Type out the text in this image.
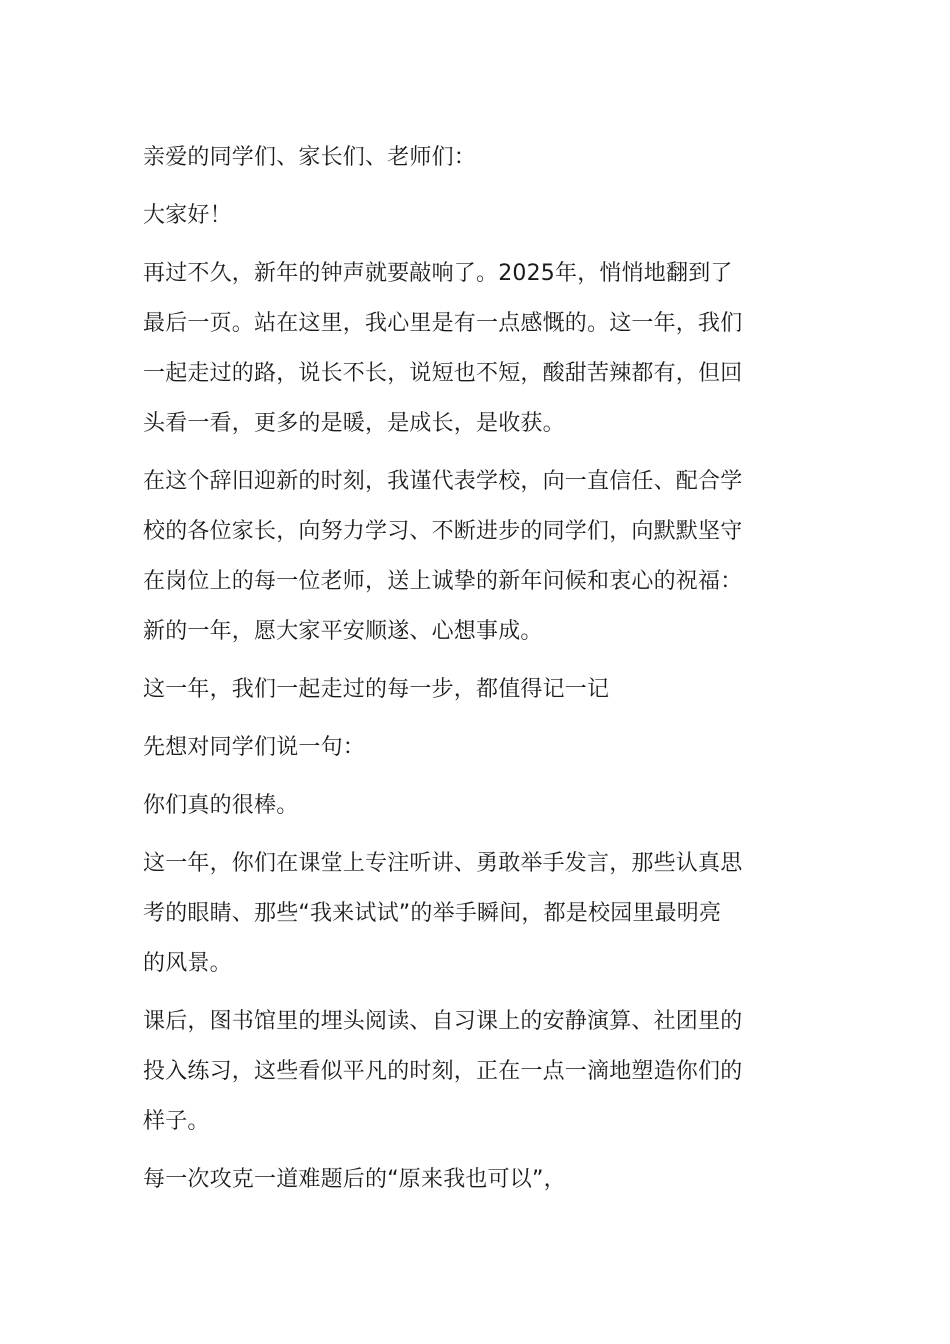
亲爱的同学们、家长们、老师们：

大家好！

再过不久，新年的钟声就要敲响了。2025年，悄悄地翻到了
最后一页。站在这里，我心里是有一点感慨的。这一年，我们
一起走过的路，说长不长，说短也不短，酸甜苦辣都有，但回
头看一看，更多的是暖，是成长，是收获。

在这个辞旧迎新的时刻，我谨代表学校，向一直信任、配合学
校的各位家长，向努力学习、不断进步的同学们，向默默坚守
在岗位上的每一位老师，送上诚挚的新年问候和衷心的祝福：
新的一年，愿大家平安顺遂、心想事成。

这一年，我们一起走过的每一步，都值得记一记

先想对同学们说一句：

你们真的很棒。

这一年，你们在课堂上专注听讲、勇敢举手发言，那些认真思
考的眼睛、那些“我来试试”的举手瞬间，都是校园里最明亮
的风景。

课后，图书馆里的埋头阅读、自习课上的安静演算、社团里的
投入练习，这些看似平凡的时刻，正在一点一滴地塑造你们的
样子。

每一次攻克一道难题后的“原来我也可以”，
